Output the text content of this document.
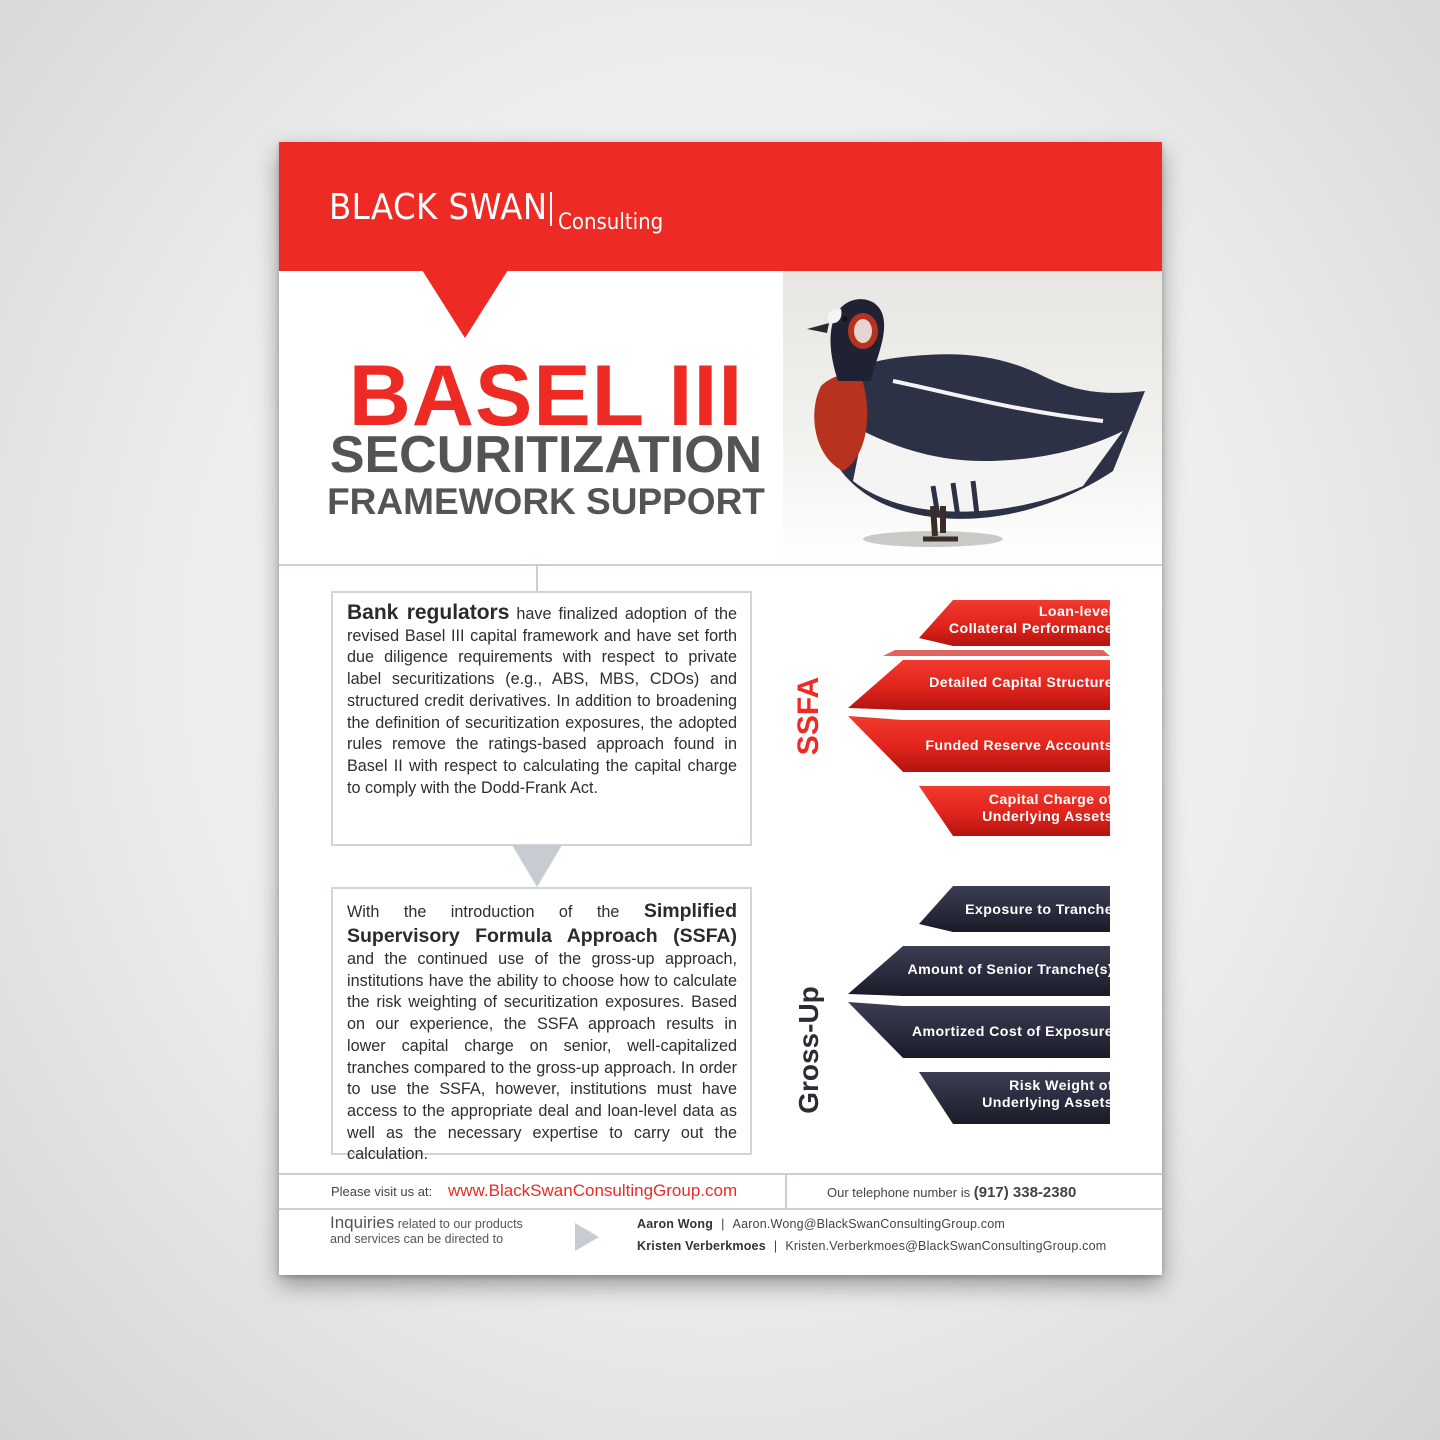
BLACK SWAN Consulting
BASEL III
SECURITIZATION
FRAMEWORK SUPPORT
Bank regulators have finalized adoption of the revised Basel III capital framework and have set forth due diligence requirements with respect to private label securitizations (e.g., ABS, MBS, CDOs) and structured credit derivatives. In addition to broadening the definition of securitization exposures, the adopted rules remove the ratings-based approach found in Basel II with respect to calculating the capital charge to comply with the Dodd-Frank Act.
With the introduction of the Simplified Supervisory Formula Approach (SSFA) and the continued use of the gross-up approach, institutions have the ability to choose how to calculate the risk weighting of securitization exposures. Based on our experience, the SSFA approach results in lower capital charge on senior, well-capitalized tranches compared to the gross-up approach. In order to use the SSFA, however, institutions must have access to the appropriate deal and loan-level data as well as the necessary expertise to carry out the calculation.
SSFA
Gross-Up
Loan-level
Collateral Performance
Detailed Capital Structure
Funded Reserve Accounts
Capital Charge of
Underlying Assets
Exposure to Tranche
Amount of Senior Tranche(s)
Amortized Cost of Exposure
Risk Weight of
Underlying Assets
Please visit us at: www.BlackSwanConsultingGroup.com	Our telephone number is (917) 338-2380
Inquiries related to our products
and services can be directed to
Aaron Wong | Aaron.Wong@BlackSwanConsultingGroup.com
Kristen Verberkmoes | Kristen.Verberkmoes@BlackSwanConsultingGroup.com
